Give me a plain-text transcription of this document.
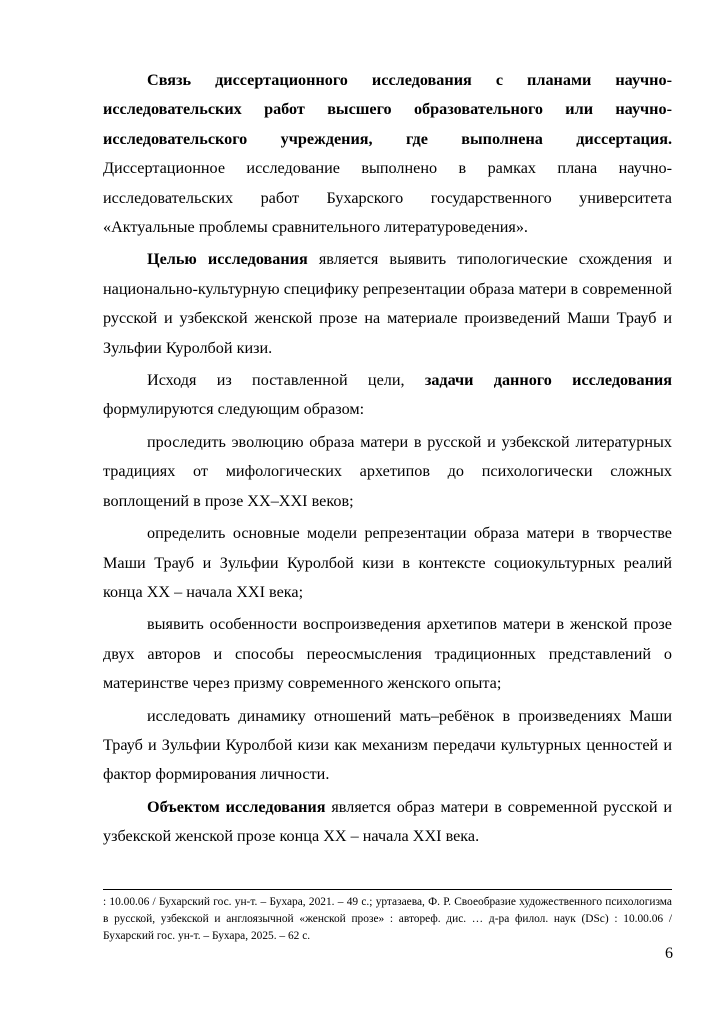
Связь диссертационного исследования с планами научно-исследовательских работ высшего образовательного или научно-исследовательского учреждения, где выполнена диссертация. Диссертационное исследование выполнено в рамках плана научно-исследовательских работ Бухарского государственного университета «Актуальные проблемы сравнительного литературоведения».

Целью исследования является выявить типологические схождения и национально-культурную специфику репрезентации образа матери в современной русской и узбекской женской прозе на материале произведений Маши Трауб и Зульфии Куролбой кизи.

Исходя из поставленной цели, задачи данного исследования формулируются следующим образом:

проследить эволюцию образа матери в русской и узбекской литературных традициях от мифологических архетипов до психологически сложных воплощений в прозе XX–XXI веков;

определить основные модели репрезентации образа матери в творчестве Маши Трауб и Зульфии Куролбой кизи в контексте социокультурных реалий конца XX – начала XXI века;

выявить особенности воспроизведения архетипов матери в женской прозе двух авторов и способы переосмысления традиционных представлений о материнстве через призму современного женского опыта;

исследовать динамику отношений мать–ребёнок в произведениях Маши Трауб и Зульфии Куролбой кизи как механизм передачи культурных ценностей и фактор формирования личности.

Объектом исследования является образ матери в современной русской и узбекской женской прозе конца XX – начала XXI века.

: 10.00.06 / Бухарский гос. ун-т. – Бухара, 2021. – 49 с.; уртазаева, Ф. Р. Своеобразие художественного психологизма в русской, узбекской и англоязычной «женской прозе» : автореф. дис. … д-ра филол. наук (DSc) : 10.00.06 / Бухарский гос. ун-т. – Бухара, 2025. – 62 с.

6
